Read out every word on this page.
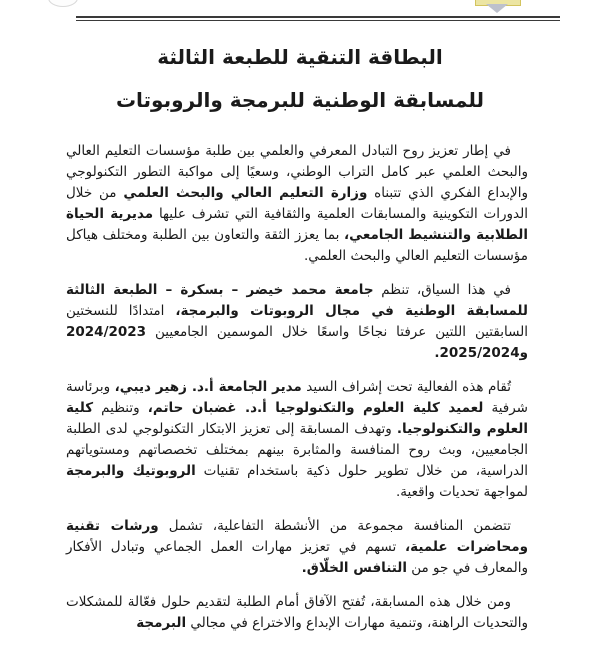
البطاقة التنقية للطبعة الثالثة
للمسابقة الوطنية للبرمجة والروبوتات

في إطار تعزيز روح التبادل المعرفي والعلمي بين طلبة مؤسسات التعليم العالي والبحث العلمي عبر كامل التراب الوطني، وسعيًا إلى مواكبة التطور التكنولوجي والإبداع الفكري الذي تتبناه وزارة التعليم العالي والبحث العلمي من خلال الدورات التكوينية والمسابقات العلمية والثقافية التي تشرف عليها مديرية الحياة الطلابية والتنشيط الجامعي، بما يعزز الثقة والتعاون بين الطلبة ومختلف هياكل مؤسسات التعليم العالي والبحث العلمي.

في هذا السياق، تنظم جامعة محمد خيضر – بسكرة – الطبعة الثالثة للمسابقة الوطنية في مجال الروبوتات والبرمجة، امتدادًا للنسختين السابقتين اللتين عرفتا نجاحًا واسعًا خلال الموسمين الجامعيين 2024/2023 و2025/2024.

تُقام هذه الفعالية تحت إشراف السيد مدير الجامعة أ.د. زهير ديبي، وبرئاسة شرفية لعميد كلية العلوم والتكنولوجيا أ.د. غضبان حاتم، وتنظيم كلية العلوم والتكنولوجيا. وتهدف المسابقة إلى تعزيز الابتكار التكنولوجي لدى الطلبة الجامعيين، وبث روح المنافسة والمثابرة بينهم بمختلف تخصصاتهم ومستوياتهم الدراسية، من خلال تطوير حلول ذكية باستخدام تقنيات الروبوتيك والبرمجة لمواجهة تحديات واقعية.

تتضمن المنافسة مجموعة من الأنشطة التفاعلية، تشمل ورشات تقنية ومحاضرات علمية، تسهم في تعزيز مهارات العمل الجماعي وتبادل الأفكار والمعارف في جو من التنافس الخلّاق.

ومن خلال هذه المسابقة، تُفتح الآفاق أمام الطلبة لتقديم حلول فعّالة للمشكلات والتحديات الراهنة، وتنمية مهارات الإبداع والاختراع في مجالي البرمجة
